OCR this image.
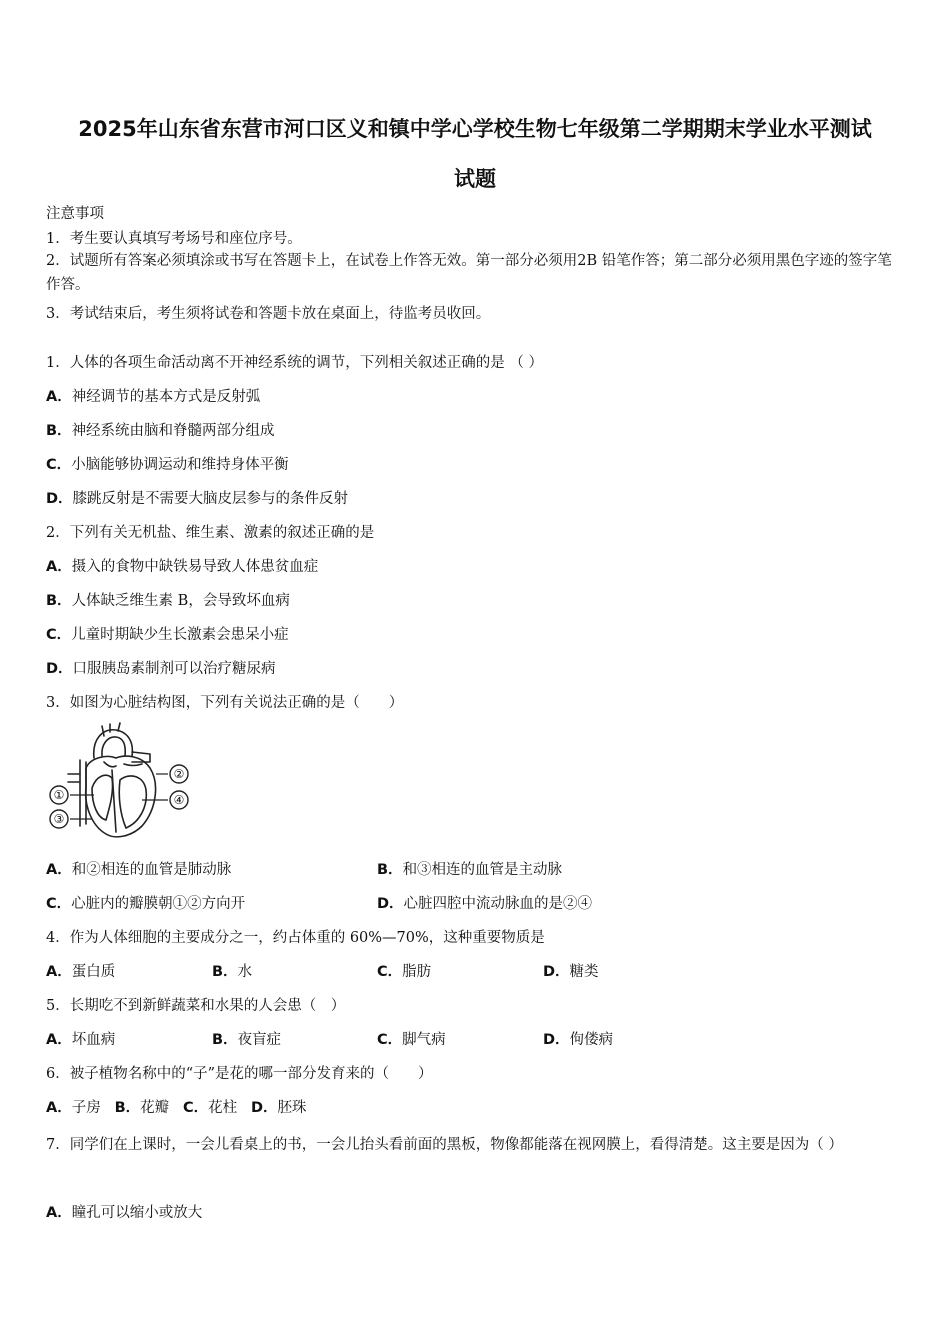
2025年山东省东营市河口区义和镇中学心学校生物七年级第二学期期末学业水平测试
试题
注意事项
1．考生要认真填写考场号和座位序号。
2．试题所有答案必须填涂或书写在答题卡上，在试卷上作答无效。第一部分必须用2B 铅笔作答；第二部分必须用黑色字迹的签字笔作答。
3．考试结束后，考生须将试卷和答题卡放在桌面上，待监考员收回。
1．人体的各项生命活动离不开神经系统的调节，下列相关叙述正确的是 （ ）
A．神经调节的基本方式是反射弧
B．神经系统由脑和脊髓两部分组成
C．小脑能够协调运动和维持身体平衡
D．膝跳反射是不需要大脑皮层参与的条件反射
2．下列有关无机盐、维生素、激素的叙述正确的是
A．摄入的食物中缺铁易导致人体患贫血症
B．人体缺乏维生素 B，会导致坏血病
C．儿童时期缺少生长激素会患呆小症
D．口服胰岛素制剂可以治疗糖尿病
3．如图为心脏结构图，下列有关说法正确的是（　　）
①
②
③
④
A．和②相连的血管是肺动脉	B．和③相连的血管是主动脉
C．心脏内的瓣膜朝①②方向开	D．心脏四腔中流动脉血的是②④
4．作为人体细胞的主要成分之一，约占体重的 60%—70%，这种重要物质是
A．蛋白质	B．水	C．脂肪	D．糖类
5．长期吃不到新鲜蔬菜和水果的人会患（　）
A．坏血病	B．夜盲症	C．脚气病	D．佝偻病
6．被子植物名称中的“子”是花的哪一部分发育来的（　　）
A．子房 B．花瓣 C．花柱 D．胚珠
7．同学们在上课时，一会儿看桌上的书，一会儿抬头看前面的黑板，物像都能落在视网膜上，看得清楚。这主要是因为（ ）
A．瞳孔可以缩小或放大
